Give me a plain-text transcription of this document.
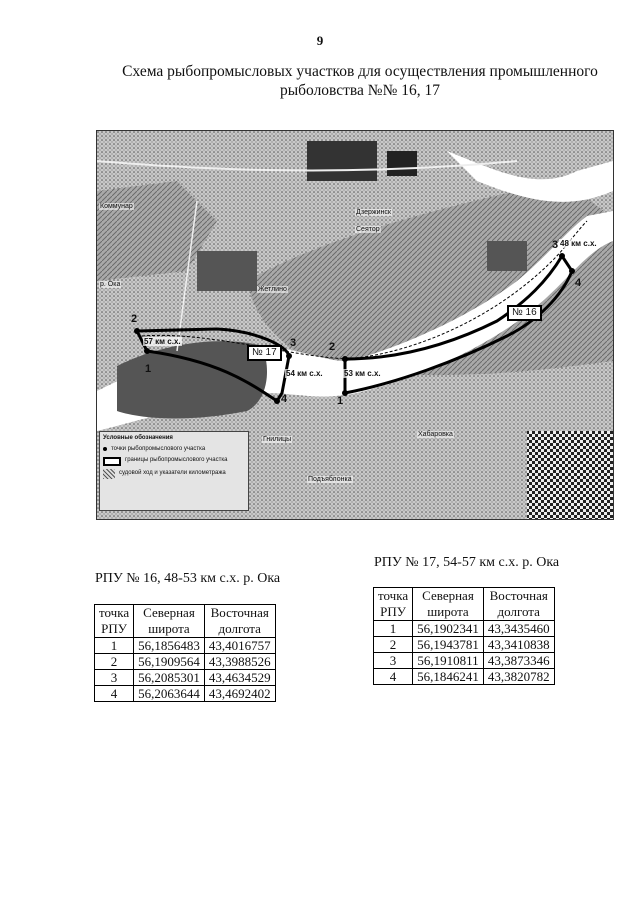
9
Схема рыбопромысловых участков для осуществления промышленного
рыболовства №№ 16, 17
Дзержинск
Жетлино
Гнилицы
Сеятор
Хабаровка
Подъяблонка
Коммунар
р. Ока
№ 17
№ 16
57 км с.х.
54 км с.х.	53 км с.х.
48 км с.х.
2
1
3
4
2
1
3
4
Условные обозначения
точки рыбопромыслового участка
границы рыбопромыслового участка
судовой ход и указатели километража
РПУ № 17, 54-57 км с.х. р. Ока
точка
РПУ	Северная
широта	Восточная
долгота
1	56,1902341	43,3435460
2	56,1943781	43,3410838
3	56,1910811	43,3873346
4	56,1846241	43,3820782
РПУ № 16, 48-53 км с.х. р. Ока
точка
РПУ	Северная
широта	Восточная
долгота
1	56,1856483	43,4016757
2	56,1909564	43,3988526
3	56,2085301	43,4634529
4	56,2063644	43,4692402
